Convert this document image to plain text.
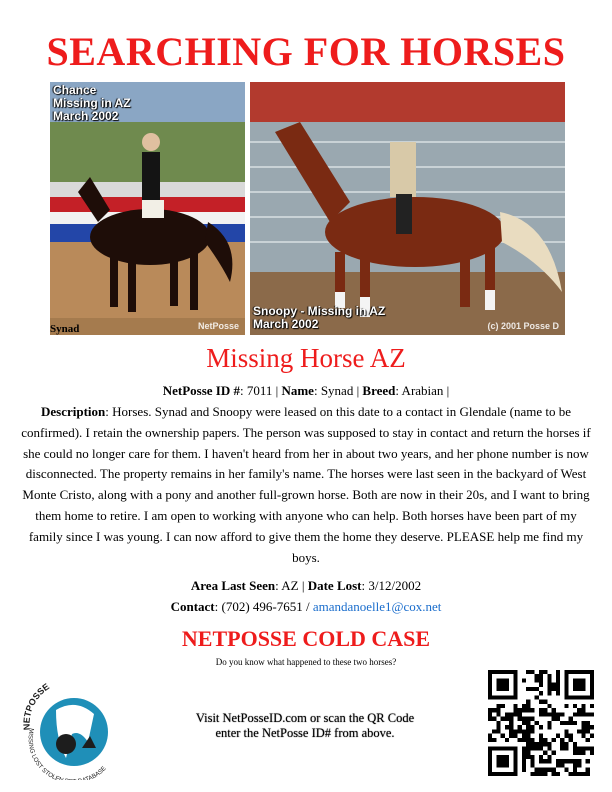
SEARCHING FOR HORSES
Chance
Missing in AZ
March 2002
NetPosse
Snoopy - Missing in AZ
March 2002	(c) 2001 Posse D
Synad
Missing Horse AZ
NetPosse ID #: 7011 | Name: Synad | Breed: Arabian |
Description: Horses. Synad and Snoopy were leased on this date to a contact in Glendale (name to be confirmed). I retain the ownership papers. The person was supposed to stay in contact and return the horses if she could no longer care for them. I haven't heard from her in about two years, and her phone number is now disconnected. The property remains in her family's name. The horses were last seen in the backyard of West Monte Cristo, along with a pony and another full-grown horse. Both are now in their 20s, and I want to bring them home to retire. I am open to working with anyone who can help. Both horses have been part of my family since I was young. I can now afford to give them the home they deserve. PLEASE help me find my boys.
Area Last Seen: AZ | Date Lost: 3/12/2002
Contact: (702) 496-7651 / amandanoelle1@cox.net
NETPOSSE COLD CASE
Do you know what happened to these two horses?
NETPOSSE
MISSING LOST STOLE TABASE
Visit NetPosseID.com or scan the QR Code
enter the NetPosse ID# from above.
